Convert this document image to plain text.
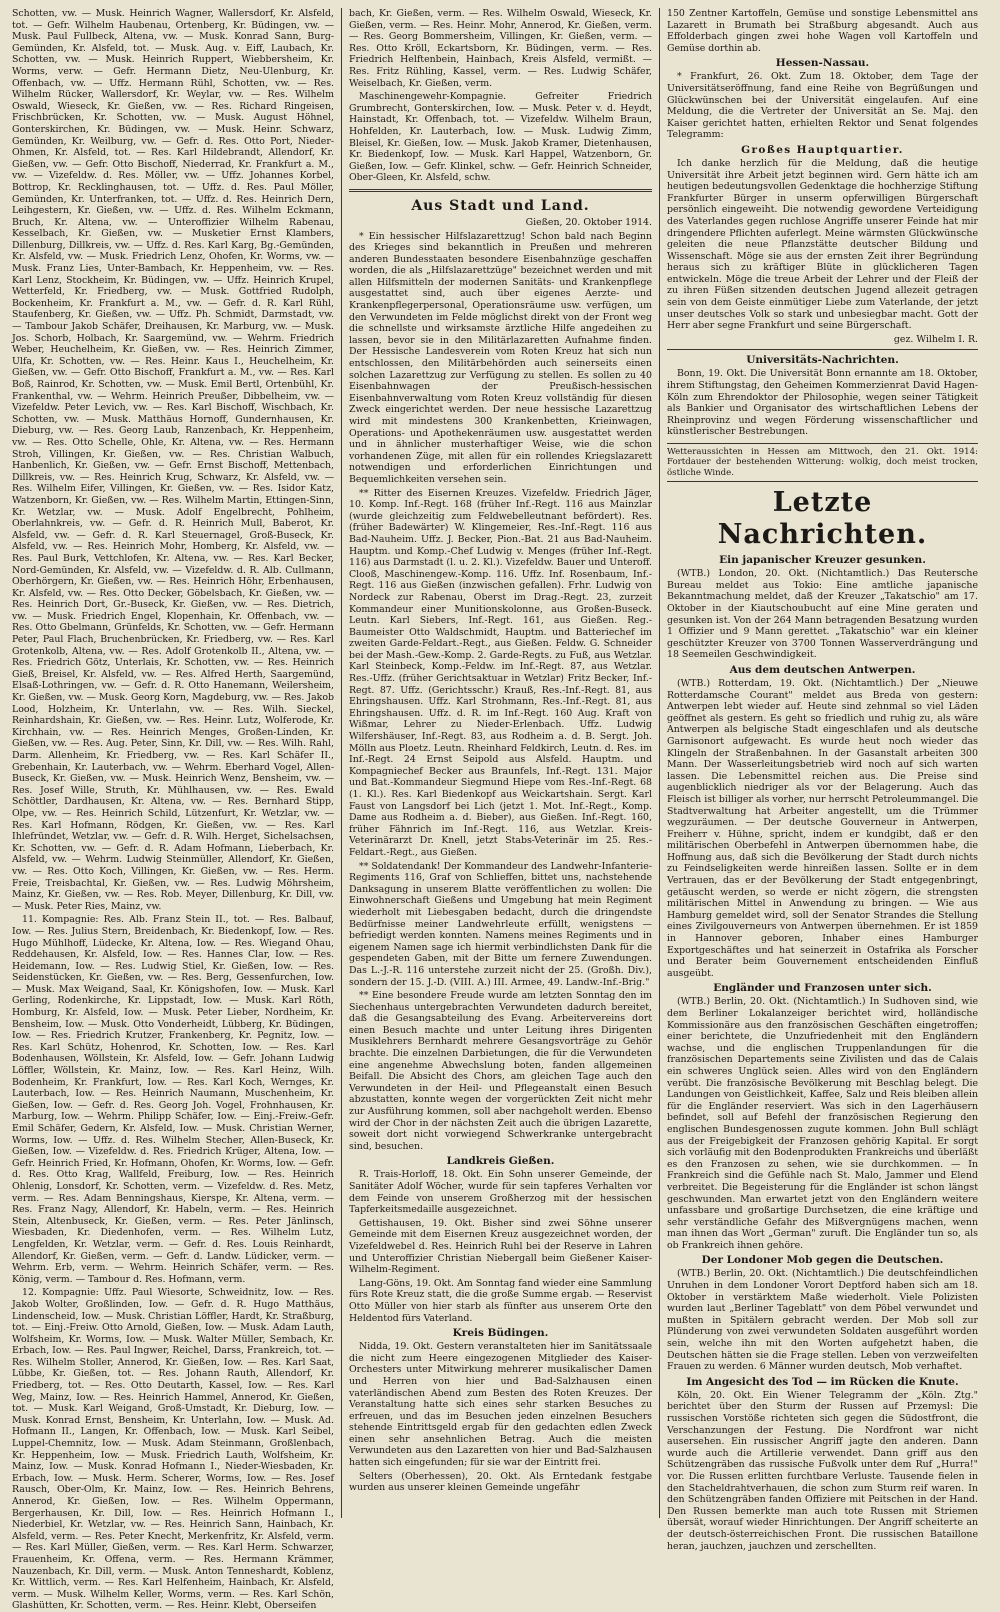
Schotten, vw. — Musk. Heinrich Wagner, Wallersdorf, Kr. Alsfeld, tot. — Gefr. Wilhelm Haubenau, Ortenberg, Kr. Büdingen, vw. — Musk. Paul Fullbeck, Altena, vw. — Musk. Konrad Sann, Burg-Gemünden, Kr. Alsfeld, tot. — Musk. Aug. v. Eiff, Laubach, Kr. Schotten, vw. — Musk. Heinrich Ruppert, Wiebbersheim, Kr. Worms, verw. — Gefr. Hermann Dietz, Neu-Ulenburg, Kr. Offenbach, vw. — Uffz. Hermann Rühl, Schotten, vw. — Res. Wilhelm Rücker, Wallersdorf, Kr. Weylar, vw. — Res. Wilhelm Oswald, Wieseck, Kr. Gießen, vw. — Res. Richard Ringeisen, Frischbrücken, Kr. Schotten, vw. — Musk. August Höhnel, Gonterskirchen, Kr. Büdingen, vw. — Musk. Heinr. Schwarz, Gemünden, Kr. Weilburg, vw. — Gefr. d. Res. Otto Port, Nieder-Ohmen, Kr. Alsfeld, tot. — Res. Karl Hildebrandt, Allendorf, Kr. Gießen, vw. — Gefr. Otto Bischoff, Niederrad, Kr. Frankfurt a. M., vw. — Vizefeldw. d. Res. Möller, vw. — Uffz. Johannes Korbel, Bottrop, Kr. Recklinghausen, tot. — Uffz. d. Res. Paul Möller, Gemünden, Kr. Unterfranken, tot. — Uffz. d. Res. Heinrich Dern, Leihgestern, Kr. Gießen, vw. — Uffz. d. Res. Wilhelm Eckmann, Bruch, Kr. Altena, vw. — Unteroffizier Wilhelm Rabenau, Kesselbach, Kr. Gießen, vw. — Musketier Ernst Klambers, Dillenburg, Dillkreis, vw. — Uffz. d. Res. Karl Karg, Bg.-Gemünden, Kr. Alsfeld, vw. — Musk. Friedrich Lenz, Ohofen, Kr. Worms, vw. — Musk. Franz Lies, Unter-Bambach, Kr. Heppenheim, vw. — Res. Karl Lenz, Stockheim, Kr. Büdingen, vw. — Uffz. Heinrich Krupel, Wetterfeld, Kr. Friedberg, vw. — Musk. Gottfried Rudolph, Bockenheim, Kr. Frankfurt a. M., vw. — Gefr. d. R. Karl Rühl, Staufenberg, Kr. Gießen, vw. — Uffz. Ph. Schmidt, Darmstadt, vw. — Tambour Jakob Schäfer, Dreihausen, Kr. Marburg, vw. — Musk. Jos. Schorb, Holbach, Kr. Saargemünd, vw. — Wehrm. Friedrich Weber, Heuchelheim, Kr. Gießen, vw. — Res. Heinrich Zimmer, Ulfa, Kr. Schotten, vw. — Res. Heinr. Kaus I., Heuchelheim, Kr. Gießen, vw. — Gefr. Otto Bischoff, Frankfurt a. M., vw. — Res. Karl Boß, Rainrod, Kr. Schotten, vw. — Musk. Emil Bertl, Ortenbühl, Kr. Frankenthal, vw. — Wehrm. Heinrich Preußer, Dibbelheim, vw. — Vizefeldw. Peter Levich, vw. — Res. Karl Bischoff, Wischbach, Kr. Schotten, vw. — Musk. Matthäus Hornoff, Gundernhausen, Kr. Dieburg, vw. — Res. Georg Laub, Ranzenbach, Kr. Heppenheim, vw. — Res. Otto Schelle, Ohle, Kr. Altena, vw. — Res. Hermann Stroh, Villingen, Kr. Gießen, vw. — Res. Christian Walbuch, Hanbenlich, Kr. Gießen, vw. — Gefr. Ernst Bischoff, Mettenbach, Dillkreis, vw. — Res. Heinrich Krug, Schwarz, Kr. Alsfeld, vw. — Res. Wilhelm Eifer, Villingen, Kr. Gießen, vw. — Res. Isidor Katz, Watzenborn, Kr. Gießen, vw. — Res. Wilhelm Martin, Ettingen-Sinn, Kr. Wetzlar, vw. — Musk. Adolf Engelbrecht, Pohlheim, Oberlahnkreis, vw. — Gefr. d. R. Heinrich Mull, Baberot, Kr. Alsfeld, vw. — Gefr. d. R. Karl Steuernagel, Groß-Buseck, Kr. Alsfeld, vw. — Res. Heinrich Mohr, Homberg, Kr. Alsfeld, vw. — Res. Paul Burk, Vettchlofen, Kr. Altena, vw. — Res. Karl Becker, Nord-Gemünden, Kr. Alsfeld, vw. — Vizefeldw. d. R. Alb. Cullmann, Oberhörgern, Kr. Gießen, vw. — Res. Heinrich Höhr, Erbenhausen, Kr. Alsfeld, vw. — Res. Otto Decker, Göbelsbach, Kr. Gießen, vw. — Res. Heinrich Dort, Gr.-Buseck, Kr. Gießen, vw. — Res. Dietrich, vw. — Musk. Friedrich Engel, Klopenhain, Kr. Offenbach, vw. — Res. Otto Gbelmann, Grünfelds, Kr. Schotten, vw. — Gefr. Hermann Peter, Paul Flach, Bruchenbrücken, Kr. Friedberg, vw. — Res. Karl Grotenkolb, Altena, vw. — Res. Adolf Grotenkolb II., Altena, vw. — Res. Friedrich Götz, Unterlais, Kr. Schotten, vw. — Res. Heinrich Gieß, Breisel, Kr. Alsfeld, vw. — Res. Alfred Herth, Saargemünd, Elsaß-Lothringen, vw. — Gefr. d. R. Otto Hanemann, Weilersheim, Kr. Gießen, vw. — Musk. Georg Korn, Magdeburg, vw. — Res. Jakob Lood, Holzheim, Kr. Unterlahn, vw. — Res. Wilh. Sieckel, Reinhardshain, Kr. Gießen, vw. — Res. Heinr. Lutz, Wolferode, Kr. Kirchhain, vw. — Res. Heinrich Menges, Großen-Linden, Kr. Gießen, vw. — Res. Aug. Peter, Sinn, Kr. Dill, vw. — Res. Wilh. Rahl, Darm. Allenheim, Kr. Friedberg, vw. — Res. Karl Schäfer II., Grebenhain, Kr. Lauterbach, vw. — Wehrm. Eberhard Vogel, Allen-Buseck, Kr. Gießen, vw. — Musk. Heinrich Wenz, Bensheim, vw. — Res. Josef Wille, Struth, Kr. Mühlhausen, vw. — Res. Ewald Schöttler, Dardhausen, Kr. Altena, vw. — Res. Bernhard Stipp, Olpe, vw. — Res. Heinrich Schild, Lützenfurt, Kr. Wetzlar, vw. — Res. Karl Hofmann, Rödgen, Kr. Gießen, vw. — Res. Karl Ihlefründet, Wetzlar, vw. — Gefr. d. R. Wilh. Herget, Sichelsachsen, Kr. Schotten, vw. — Gefr. d. R. Adam Hofmann, Lieberbach, Kr. Alsfeld, vw. — Wehrm. Ludwig Steinmüller, Allendorf, Kr. Gießen, vw. — Res. Otto Koch, Villingen, Kr. Gießen, vw. — Res. Herm. Freie, Treisbachtal, Kr. Gießen, vw. — Res. Ludwig Möhrsheim, Mainz, Kr. Gießen, vw. — Res. Rob. Meyer, Dillenburg, Kr. Dill, vw. — Musk. Peter Ries, Mainz, vw.

11. Kompagnie: Res. Alb. Franz Stein II., tot. — Res. Balbauf, Iow. — Res. Julius Stern, Breidenbach, Kr. Biedenkopf, Iow. — Res. Hugo Mühlhoff, Lüdecke, Kr. Altena, Iow. — Res. Wiegand Ohau, Reddehausen, Kr. Alsfeld, Iow. — Res. Hannes Clar, Iow. — Res. Heidemann, Iow. — Res. Ludwig Stiel, Kr. Gießen, Iow. — Res. Seidenstücken, Kr. Gießen, vw. — Res. Berg, Gessenfurchen, Iow. — Musk. Max Weigand, Saal, Kr. Königshofen, Iow. — Musk. Karl Gerling, Rodenkirche, Kr. Lippstadt, Iow. — Musk. Karl Röth, Homburg, Kr. Alsfeld, Iow. — Musk. Peter Lieber, Nordheim, Kr. Bensheim, Iow. — Musk. Otto Vonderheidt, Lübberg, Kr. Büdingen, Iow. — Res. Friedrich Krutzer, Frankenberg, Kr. Pegnitz, Iow. — Res. Karl Schütz, Hohenrod, Kr. Schotten, Iow. — Res. Karl Bodenhausen, Wöllstein, Kr. Alsfeld, Iow. — Gefr. Johann Ludwig Löffler, Wöllstein, Kr. Mainz, Iow. — Res. Karl Heinz, Wilh. Bodenheim, Kr. Frankfurt, Iow. — Res. Karl Koch, Wernges, Kr. Lauterbach, Iow. — Res. Heinrich Naumann, Muschenheim, Kr. Gießen, Iow. — Gefr. d. Res. Georg Joh. Vogel, Frohnhausen, Kr. Marburg, Iow. — Wehrm. Philipp Schäfer, Iow. — Einj.-Freiw.-Gefr. Emil Schäfer, Gedern, Kr. Alsfeld, Iow. — Musk. Christian Werner, Worms, Iow. — Uffz. d. Res. Wilhelm Stecher, Allen-Buseck, Kr. Gießen, Iow. — Vizefeldw. d. Res. Friedrich Krüger, Altena, Iow. — Gefr. Heinrich Fried, Kr. Hofmann, Ohofen, Kr. Worms, Iow. — Gefr. d. Res. Otto Krag, Wallfeld, Freiburg, Iow. — Res. Heinrich Ohlenig, Lonsdorf, Kr. Schotten, verm. — Vizefeldw. d. Res. Metz, verm. — Res. Adam Benningshaus, Kierspe, Kr. Altena, verm. — Res. Franz Nagy, Allendorf, Kr. Habeln, verm. — Res. Heinrich Stein, Altenbuseck, Kr. Gießen, verm. — Res. Peter Jänlinsch, Wiesbaden, Kr. Diedenhofen, verm. — Res. Wilhelm Lutz, Lengfelden, Kr. Wetzlar, verm. — Gefr. d. Res. Louis Reinhardt, Allendorf, Kr. Gießen, verm. — Gefr. d. Landw. Lüdicker, verm. — Wehrm. Erb, verm. — Wehrm. Heinrich Schäfer, verm. — Res. König, verm. — Tambour d. Res. Hofmann, verm.

12. Kompagnie: Uffz. Paul Wiesorte, Schweidnitz, Iow. — Res. Jakob Wolter, Großlinden, Iow. — Gefr. d. R. Hugo Matthäus, Lindenscheid, Iow. — Musk. Christian Löffler, Hardt, Kr. Straßburg, tot. — Einj.-Freiw. Otto Arnold, Gießen, Iow. — Musk. Adam Lauth, Wolfsheim, Kr. Worms, Iow. — Musk. Walter Müller, Sembach, Kr. Erbach, Iow. — Res. Paul Ingwer, Reichel, Darss, Frankreich, tot. — Res. Wilhelm Stoller, Annerod, Kr. Gießen, Iow. — Res. Karl Saat, Lübbe, Kr. Gießen, tot. — Res. Johann Rauth, Allendorf, Kr. Friedberg, tot. — Res. Otto Deutarth, Kassel, Iow. — Res. Karl Weg, Mainz, Iow. — Res. Heinrich Hammel, Annerod, Kr. Gießen, tot. — Musk. Karl Weigand, Groß-Umstadt, Kr. Dieburg, Iow. — Musk. Konrad Ernst, Bensheim, Kr. Unterlahn, Iow. — Musk. Ad. Hofmann II., Langen, Kr. Offenbach, Iow. — Musk. Karl Seibel, Luppel-Chemnitz, Iow. — Musk. Adam Steinmann, Großlenbach, Kr. Heppenheim, Iow. — Musk. Friedrich Lauth, Wolfsheim, Kr. Mainz, Iow. — Musk. Konrad Hofmann I., Nieder-Wiesbaden, Kr. Erbach, Iow. — Musk. Herm. Scherer, Worms, Iow. — Res. Josef Rausch, Ober-Olm, Kr. Mainz, Iow. — Res. Heinrich Behrens, Annerod, Kr. Gießen, Iow. — Res. Wilhelm Oppermann, Bergerhausen, Kr. Dill, Iow. — Res. Heinrich Hofmann I., Niederbiel, Kr. Wetzlar, vw. — Res. Heinrich Sann, Hainbach, Kr. Alsfeld, verm. — Res. Peter Knecht, Merkenfritz, Kr. Alsfeld, verm. — Res. Karl Müller, Gießen, verm. — Res. Karl Herm. Schwarzer, Frauenheim, Kr. Offena, verm. — Res. Hermann Krämmer, Nauzenbach, Kr. Dill, verm. — Musk. Anton Tenneshardt, Koblenz, Kr. Wittlich, verm. — Res. Karl Helfenheim, Hainbach, Kr. Alsfeld, verm. — Musk. Wilhelm Keller, Worms, verm. — Res. Karl Schön, Glashütten, Kr. Schotten, verm. — Res. Heinr. Klebt, Oberseifen

bach, Kr. Gießen, verm. — Res. Wilhelm Oswald, Wieseck, Kr. Gießen, verm. — Res. Heinr. Mohr, Annerod, Kr. Gießen, verm. — Res. Georg Bommersheim, Villingen, Kr. Gießen, verm. — Res. Otto Kröll, Eckartsborn, Kr. Büdingen, verm. — Res. Friedrich Helftenbein, Hainbach, Kreis Alsfeld, vermißt. — Res. Fritz Rühling, Kassel, verm. — Res. Ludwig Schäfer, Weiselbach, Kr. Gießen, verm.

Maschinengewehr-Kompagnie. Gefreiter Friedrich Grumbrecht, Gonterskirchen, Iow. — Musk. Peter v. d. Heydt, Hainstadt, Kr. Offenbach, tot. — Vizefeldw. Wilhelm Braun, Hohfelden, Kr. Lauterbach, Iow. — Musk. Ludwig Zimm, Bleisel, Kr. Gießen, Iow. — Musk. Jakob Kramer, Dietenhausen, Kr. Biedenkopf, Iow. — Musk. Karl Happel, Watzenborn, Gr. Gießen, Iow. — Gefr. Klinkel, schw. — Gefr. Heinrich Schneider, Ober-Gleen, Kr. Alsfeld, schw.

Aus Stadt und Land.
Gießen, 20. Oktober 1914.

* Ein hessischer Hilfslazarettzug! Schon bald nach Beginn des Krieges sind bekanntlich in Preußen und mehreren anderen Bundesstaaten besondere Eisenbahnzüge geschaffen worden, die als „Hilfslazarettzüge" bezeichnet werden und mit allen Hilfsmitteln der modernen Sanitäts- und Krankenpflege ausgestattet sind, auch über eigenes Aerzte- und Krankenpflegerpersonal, Operationsräume usw. verfügen, um den Verwundeten im Felde möglichst direkt von der Front weg die schnellste und wirksamste ärztliche Hilfe angedeihen zu lassen, bevor sie in den Militärlazaretten Aufnahme finden. Der Hessische Landesverein vom Roten Kreuz hat sich nun entschlossen, den Militärbehörden auch seinerseits einen solchen Lazarettzug zur Verfügung zu stellen. Es sollen zu 40 Eisenbahnwagen der Preußisch-hessischen Eisenbahnverwaltung vom Roten Kreuz vollständig für diesen Zweck eingerichtet werden. Der neue hessische Lazarettzug wird mit mindestens 300 Krankenbetten, Krieinwagen, Operations- und Apothekenräumen usw. ausgestattet werden und in ähnlicher musterhaftiger Weise, wie die schon vorhandenen Züge, mit allen für ein rollendes Kriegslazarett notwendigen und erforderlichen Einrichtungen und Bequemlichkeiten versehen sein.

** Ritter des Eisernen Kreuzes. Vizefeldw. Friedrich Jäger, 10. Komp. Inf.-Regt. 168 (früher Inf.-Regt. 116 aus Mainzlar (wurde gleichzeitig zum Feldwebelleutnant befördert). Res. (früher Badewärter) W. Klingemeier, Res.-Inf.-Regt. 116 aus Bad-Nauheim. Uffz. J. Becker, Pion.-Bat. 21 aus Bad-Nauheim. Hauptm. und Komp.-Chef Ludwig v. Menges (früher Inf.-Regt. 116) aus Darmstadt (l. u. 2. Kl.). Vizefeldw. Bauer und Unteroff. Clooß, Maschinengew.-Komp. 116. Uffz. Inf. Rosenbaum, Inf.-Regt. 116 aus Gießen (inzwischen gefallen). Frhr. Ludwig von Nordeck zur Rabenau, Oberst im Drag.-Regt. 23, zurzeit Kommandeur einer Munitionskolonne, aus Großen-Buseck. Leutn. Karl Siebers, Inf.-Regt. 161, aus Gießen. Reg.-Baumeister Otto Waldschmidt, Hauptm. und Batteriechef im zweiten Garde-Feldart.-Regt., aus Gießen. Feldw. G. Schneider bei der Mash.-Gew.-Komp. 2. Garde-Regts. zu Fuß, aus Wetzlar. Karl Steinbeck, Komp.-Feldw. im Inf.-Regt. 87, aus Wetzlar. Res.-Uffz. (früher Gerichtsaktuar in Wetzlar) Fritz Becker, Inf.-Regt. 87. Uffz. (Gerichtsschr.) Krauß, Res.-Inf.-Regt. 81, aus Ehringshausen. Uffz. Karl Strohmann, Res.-Inf.-Regt. 81, aus Ehringshausen. Uffz. d. R. im Inf.-Regt. 160 Aug. Kraft von Wißmar, Lehrer zu Nieder-Erlenbach. Uffz. Ludwig Wilfershäuser, Inf.-Regt. 83, aus Rodheim a. d. B. Sergt. Joh. Mölln aus Ploetz. Leutn. Rheinhard Feldkirch, Leutn. d. Res. im Inf.-Regt. 24 Ernst Seipold aus Alsfeld. Hauptm. und Kompagniechef Becker aus Braunfels, Inf.-Regt. 131. Major und Bat.-Kommandeur Siegmund Hiepe vom Res.-Inf.-Regt. 68 (1. Kl.). Res. Karl Biedenkopf aus Weickartshain. Sergt. Karl Faust von Langsdorf bei Lich (jetzt 1. Mot. Inf.-Regt., Komp. Dame aus Rodheim a. d. Bieber), aus Gießen. Inf.-Regt. 160, früher Fähnrich im Inf.-Regt. 116, aus Wetzlar. Kreis-Veterinärarzt Dr. Knell, jetzt Stabs-Veterinär im 25. Res.-Feldart.-Regt., aus Gießen.

** Soldatendank! Der Kommandeur des Landwehr-Infanterie-Regiments 116, Graf von Schlieffen, bittet uns, nachstehende Danksagung in unserem Blatte veröffentlichen zu wollen: Die Einwohnerschaft Gießens und Umgebung hat mein Regiment wiederholt mit Liebesgaben bedacht, durch die dringendste Bedürfnisse meiner Landwehrleute erfüllt, wenigstens — befriedigt werden konnten. Namens meines Regiments und in eigenem Namen sage ich hiermit verbindlichsten Dank für die gespendeten Gaben, mit der Bitte um fernere Zuwendungen. Das L.-J.-R. 116 unterstehe zurzeit nicht der 25. (Großh. Div.), sondern der 15. J.-D. (VIII. A.) III. Armee, 49. Landw.-Inf.-Brig."

** Eine besondere Freude wurde am letzten Sonntag den im Siechenhaus untergebrachten Verwundeten dadurch bereitet, daß die Gesangsabteilung des Evang. Arbeitervereins dort einen Besuch machte und unter Leitung ihres Dirigenten Musiklehrers Bernhardt mehrere Gesangsvorträge zu Gehör brachte. Die einzelnen Darbietungen, die für die Verwundeten eine angenehme Abwechslung boten, fanden allgemeinen Beifall. Die Absicht des Chors, am gleichen Tage auch den Verwundeten in der Heil- und Pflegeanstalt einen Besuch abzustatten, konnte wegen der vorgerückten Zeit nicht mehr zur Ausführung kommen, soll aber nachgeholt werden. Ebenso wird der Chor in der nächsten Zeit auch die übrigen Lazarette, soweit dort nicht vorwiegend Schwerkranke untergebracht sind, besuchen.

Landkreis Gießen.

R. Trais-Horloff, 18. Okt. Ein Sohn unserer Gemeinde, der Sanitäter Adolf Wöcher, wurde für sein tapferes Verhalten vor dem Feinde von unserem Großherzog mit der hessischen Tapferkeitsmedaille ausgezeichnet.

Gettishausen, 19. Okt. Bisher sind zwei Söhne unserer Gemeinde mit dem Eisernen Kreuz ausgezeichnet worden, der Vizefeldwebel d. Res. Heinrich Ruhl bei der Reserve in Lahren und Unteroffizier Christian Niebergall beim Gießener Kaiser-Wilhelm-Regiment.

Lang-Göns, 19. Okt. Am Sonntag fand wieder eine Sammlung fürs Rote Kreuz statt, die die große Summe ergab. — Reservist Otto Müller von hier starb als fünfter aus unserem Orte den Heldentod fürs Vaterland.

Kreis Büdingen.

Nidda, 19. Okt. Gestern veranstalteten hier im Sanitätssaale die nicht zum Heere eingezogenen Mitglieder des Kaiser-Orchesters unter Mitwirkung mehrerer musikalischer Damen und Herren von hier und Bad-Salzhausen einen vaterländischen Abend zum Besten des Roten Kreuzes. Der Veranstaltung hatte sich eines sehr starken Besuches zu erfreuen, und das im Besuchen jeden einzelnen Besuchers stehende Eintrittsgeld ergab für den gedachten edlen Zweck einen sehr ansehnlichen Betrag. Auch die meisten Verwundeten aus den Lazaretten von hier und Bad-Salzhausen hatten sich eingefunden; für sie war der Eintritt frei.

Selters (Oberhessen), 20. Okt. Als Erntedank festgabe wurden aus unserer kleinen Gemeinde ungefähr

150 Zentner Kartoffeln, Gemüse und sonstige Lebensmittel ans Lazarett in Brumath bei Straßburg abgesandt. Auch aus Effolderbach gingen zwei hohe Wagen voll Kartoffeln und Gemüse dorthin ab.

Hessen-Nassau.

* Frankfurt, 26. Okt. Zum 18. Oktober, dem Tage der Universitätseröffnung, fand eine Reihe von Begrüßungen und Glückwünschen bei der Universität eingelaufen. Auf eine Meldung, die die Vertreter der Universität an Se. Maj. den Kaiser gerichtet hatten, erhielten Rektor und Senat folgendes Telegramm:

Großes Hauptquartier.

Ich danke herzlich für die Meldung, daß die heutige Universität ihre Arbeit jetzt beginnen wird. Gern hätte ich am heutigen bedeutungsvollen Gedenktage die hochherzige Stiftung Frankfurter Bürger in unserm opferwilligen Bürgerschaft persönlich eingeweiht. Die notwendig gewordene Verteidigung des Vaterlandes gegen ruchlose Angriffe unserer Feinde hat mir dringendere Pflichten auferlegt. Meine wärmsten Glückwünsche geleiten die neue Pflanzstätte deutscher Bildung und Wissenschaft. Möge sie aus der ernsten Zeit ihrer Begründung heraus sich zu kräftiger Blüte in glücklicheren Tagen entwickeln. Möge die treue Arbeit der Lehrer und der Fleiß der zu ihren Füßen sitzenden deutschen Jugend allezeit getragen sein von dem Geiste einmütiger Liebe zum Vaterlande, der jetzt unser deutsches Volk so stark und unbesiegbar macht. Gott der Herr aber segne Frankfurt und seine Bürgerschaft.

gez. Wilhelm I. R.
Universitäts-Nachrichten.

Bonn, 19. Okt. Die Universität Bonn ernannte am 18. Oktober, ihrem Stiftungstag, den Geheimen Kommerzienrat David Hagen-Köln zum Ehrendoktor der Philosophie, wegen seiner Tätigkeit als Bankier und Organisator des wirtschaftlichen Lebens der Rheinprovinz und wegen Förderung wissenschaftlicher und künstlerischer Bestrebungen.

Wetteraussichten in Hessen am Mittwoch, den 21. Okt. 1914: Fortdauer der bestehenden Witterung: wolkig, doch meist trocken, östliche Winde.
Letzte Nachrichten.
Ein japanischer Kreuzer gesunken.

(WTB.) London, 20. Okt. (Nichtamtlich.) Das Reutersche Bureau meldet aus Tokio: Eine amtliche japanische Bekanntmachung meldet, daß der Kreuzer „Takatschio" am 17. Oktober in der Kiautschoubucht auf eine Mine geraten und gesunken ist. Von der 264 Mann betragenden Besatzung wurden 1 Offizier und 9 Mann gerettet. „Takatschio" war ein kleiner geschützter Kreuzer von 3700 Tonnen Wasserverdrängung und 18 Seemeilen Geschwindigkeit.

Aus dem deutschen Antwerpen.

(WTB.) Rotterdam, 19. Okt. (Nichtamtlich.) Der „Nieuwe Rotterdamsche Courant" meldet aus Breda von gestern: Antwerpen lebt wieder auf. Heute sind zehnmal so viel Läden geöffnet als gestern. Es geht so friedlich und ruhig zu, als wäre Antwerpen als belgische Stadt eingeschlafen und als deutsche Garnisonort aufgewacht. Es wurde heut noch wieder das Klingeln der Straßenbahnen. In der Gasanstalt arbeiten 300 Mann. Der Wasserleitungsbetrieb wird noch auf sich warten lassen. Die Lebensmittel reichen aus. Die Preise sind augenblicklich niedriger als vor der Belagerung. Auch das Fleisch ist billiger als vorher, nur herrscht Petroleummangel. Die Stadtverwaltung hat Arbeiter angestellt, um die Trümmer wegzuräumen. — Der deutsche Gouverneur in Antwerpen, Freiherr v. Hühne, spricht, indem er kundgibt, daß er den militärischen Oberbefehl in Antwerpen übernommen habe, die Hoffnung aus, daß sich die Bevölkerung der Stadt durch nichts zu Feindseligkeiten werde hinreißen lassen. Sollte er in dem Vertrauen, das er der Bevölkerung der Stadt entgegenbringt, getäuscht werden, so werde er nicht zögern, die strengsten militärischen Mittel in Anwendung zu bringen. — Wie aus Hamburg gemeldet wird, soll der Senator Strandes die Stellung eines Zivilgouverneurs von Antwerpen übernehmen. Er ist 1859 in Hannover geboren, Inhaber eines Hamburger Exportgeschäftes und hat seinerzeit in Ostafrika als Forscher und Berater beim Gouvernement entscheidenden Einfluß ausgeübt.

Engländer und Franzosen unter sich.

(WTB.) Berlin, 20. Okt. (Nichtamtlich.) In Sudhoven sind, wie dem Berliner Lokalanzeiger berichtet wird, holländische Kommissionäre aus den französischen Geschäften eingetroffen; einer berichtete, die Unzufriedenheit mit den Engländern wachse, und die englischen Truppenlandungen für die französischen Departements seine Zivilisten und das de Calais ein schweres Unglück seien. Alles wird von den Engländern verübt. Die französische Bevölkerung mit Beschlag belegt. Die Landungen von Geistlichkeit, Kaffee, Salz und Reis bleiben allein für die Engländer reserviert. Was sich in den Lagerhäusern befindet, soll auf Befehl der französischen Regierung den englischen Bundesgenossen zugute kommen. John Bull schlägt aus der Freigebigkeit der Franzosen gehörig Kapital. Er sorgt sich vorläufig mit den Bodenprodukten Frankreichs und überläßt es den Franzosen zu sehen, wie sie durchkommen. — In Frankreich sind die Gefühle nach St. Malo, Jammer und Elend verbreitet. Die Begeisterung für die Engländer ist schon längst geschwunden. Man erwartet jetzt von den Engländern weitere unfassbare und großartige Durchsetzen, die eine kräftige und sehr verständliche Gefahr des Mißvergnügens machen, wenn man ihnen das Wort „German" zuruft. Die Engländer tun so, als ob Frankreich ihnen gehöre.

Der Londoner Mob gegen die Deutschen.

(WTB.) Berlin, 20. Okt. (Nichtamtlich.) Die deutschfeindlichen Unruhen in dem Londoner Vorort Deptford haben sich am 18. Oktober in verstärktem Maße wiederholt. Viele Polizisten wurden laut „Berliner Tageblatt" von dem Pöbel verwundet und mußten in Spitälern gebracht werden. Der Mob soll zur Plünderung von zwei verwundeten Soldaten ausgeführt worden sein, welche ihn mit den Worten aufgehetzt haben, die Deutschen hätten sie die Frage stellen. Leben von verzweifelten Frauen zu werden. 6 Männer wurden deutsch, Mob verhaftet.

Im Angesicht des Tod — im Rücken die Knute.

Köln, 20. Okt. Ein Wiener Telegramm der „Köln. Ztg." berichtet über den Sturm der Russen auf Przemysl: Die russischen Vorstöße richteten sich gegen die Südostfront, die Verschanzungen der Festung. Die Nordfront war nicht ausersehen. Ein russischer Angriff jagte den anderen. Dann wurde auch die Artillerie verwendet. Dann griff aus den Schützengräben das russische Fußvolk unter dem Ruf „Hurra!" vor. Die Russen erlitten furchtbare Verluste. Tausende fielen in den Stacheldrahtverhauen, die schon zum Sturm reif waren. In den Schützengräben fanden Offiziere mit Peitschen in der Hand. Den Russen bemerkte man auch tote Russen mit Striemen übersät, worauf wieder Hinrichtungen. Der Angriff scheiterte an der deutsch-österreichischen Front. Die russischen Bataillone heran, jauchzen, jauchzen und zerschellten.
